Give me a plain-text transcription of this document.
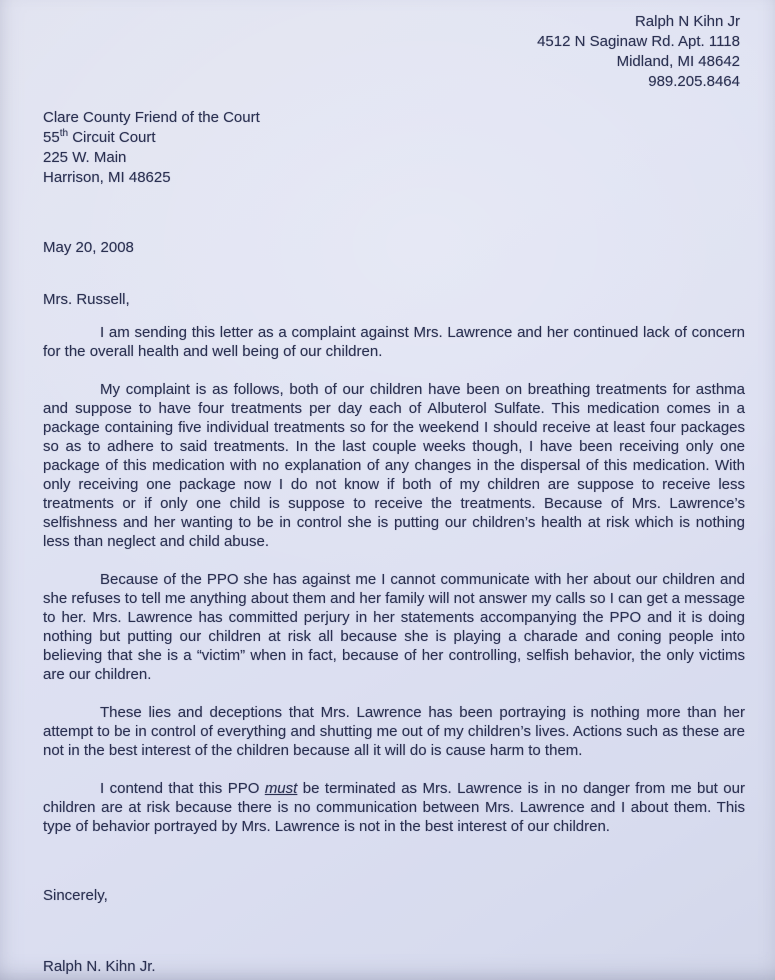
Ralph N Kihn Jr
4512 N Saginaw Rd. Apt. 1118
Midland, MI 48642
989.205.8464
Clare County Friend of the Court
55th Circuit Court
225 W. Main
Harrison, MI 48625
May 20, 2008
Mrs. Russell,

I am sending this letter as a complaint against Mrs. Lawrence and her continued lack of concern for the overall health and well being of our children.

My complaint is as follows, both of our children have been on breathing treatments for asthma and suppose to have four treatments per day each of Albuterol Sulfate. This medication comes in a package containing five individual treatments so for the weekend I should receive at least four packages so as to adhere to said treatments. In the last couple weeks though, I have been receiving only one package of this medication with no explanation of any changes in the dispersal of this medication. With only receiving one package now I do not know if both of my children are suppose to receive less treatments or if only one child is suppose to receive the treatments. Because of Mrs. Lawrence’s selfishness and her wanting to be in control she is putting our children’s health at risk which is nothing less than neglect and child abuse.

Because of the PPO she has against me I cannot communicate with her about our children and she refuses to tell me anything about them and her family will not answer my calls so I can get a message to her. Mrs. Lawrence has committed perjury in her statements accompanying the PPO and it is doing nothing but putting our children at risk all because she is playing a charade and coning people into believing that she is a “victim” when in fact, because of her controlling, selfish behavior, the only victims are our children.

These lies and deceptions that Mrs. Lawrence has been portraying is nothing more than her attempt to be in control of everything and shutting me out of my children’s lives. Actions such as these are not in the best interest of the children because all it will do is cause harm to them.

I contend that this PPO must be terminated as Mrs. Lawrence is in no danger from me but our children are at risk because there is no communication between Mrs. Lawrence and I about them. This type of behavior portrayed by Mrs. Lawrence is not in the best interest of our children.

Sincerely,
Ralph N. Kihn Jr.
